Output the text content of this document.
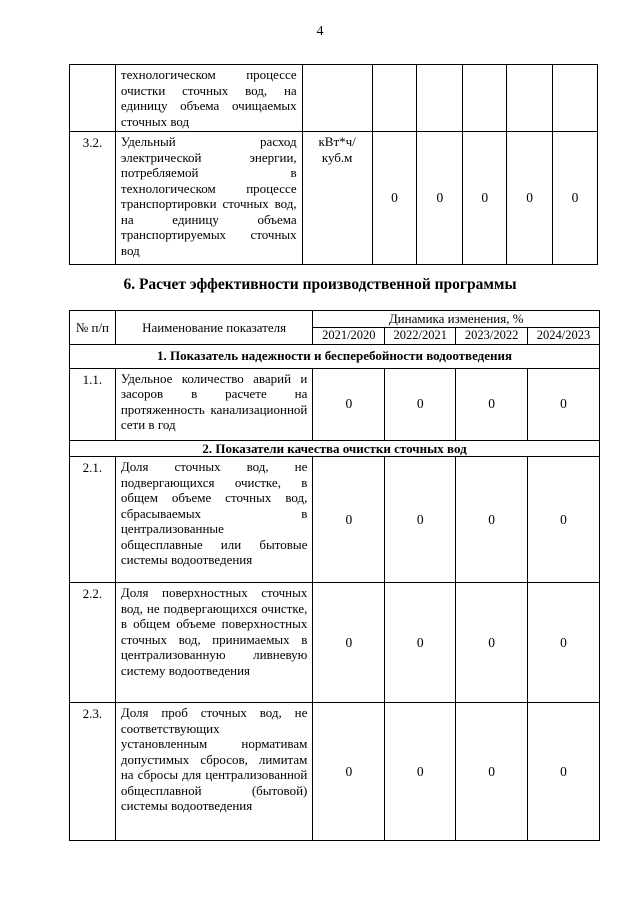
4
	технологическом процессе очистки сточных вод, на единицу объема очищаемых сточных вод						
3.2.	Удельный расход электрической энергии, потребляемой в технологическом процессе транспортировки сточных вод, на единицу объема транспортируемых сточных вод	кВт*ч/ куб.м	0	0	0	0	0
6. Расчет эффективности производственной программы
№ п/п	Наименование показателя	Динамика изменения, %			
		2021/2020	2022/2021	2023/2022	2024/2023
1. Показатель надежности и бесперебойности водоотведения					
1.1.	Удельное количество аварий и засоров в расчете на протяженность канализационной сети в год	0	0	0	0
2. Показатели качества очистки сточных вод					
2.1.	Доля сточных вод, не подвергающихся очистке, в общем объеме сточных вод, сбрасываемых в централизованные общесплавные или бытовые системы водоотведения	0	0	0	0
2.2.	Доля поверхностных сточных вод, не подвергающихся очистке, в общем объеме поверхностных сточных вод, принимаемых в централизованную ливневую систему водоотведения	0	0	0	0
2.3.	Доля проб сточных вод, не соответствующих установленным нормативам допустимых сбросов, лимитам на сбросы для централизованной общесплавной (бытовой) системы водоотведения	0	0	0	0
